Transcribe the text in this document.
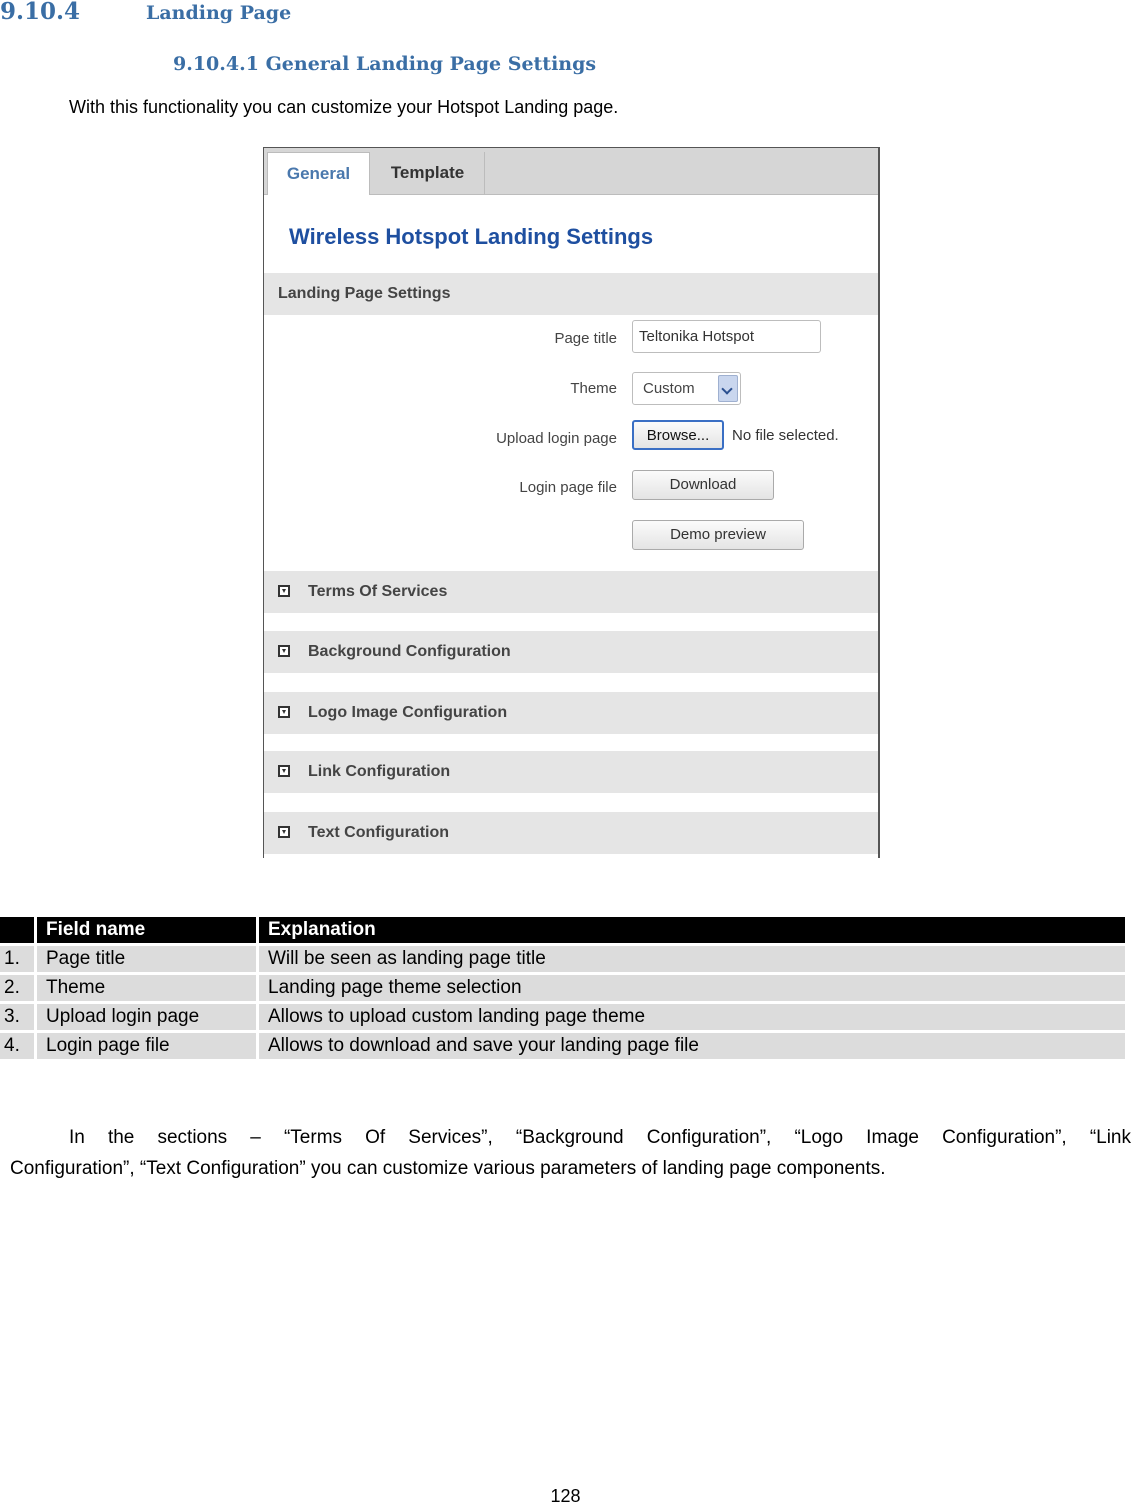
9.10.4	Landing Page
9.10.4.1 General Landing Page Settings
With this functionality you can customize your Hotspot Landing page.
General	Template
Wireless Hotspot Landing Settings
Landing Page Settings
Page title	Teltonika Hotspot
Theme	Custom
Upload login page	Browse...	No file selected.
Login page file	Download
Demo preview
Terms Of Services
Background Configuration
Logo Image Configuration
Link Configuration
Text Configuration
	Field name	Explanation
1.	Page title	Will be seen as landing page title
2.	Theme	Landing page theme selection
3.	Upload login page	Allows to upload custom landing page theme
4.	Login page file	Allows to download and save your landing page file
In the sections – “Terms Of Services”, “Background Configuration”, “Logo Image Configuration”, “Link
Configuration”, “Text Configuration” you can customize various parameters of landing page components.
128
